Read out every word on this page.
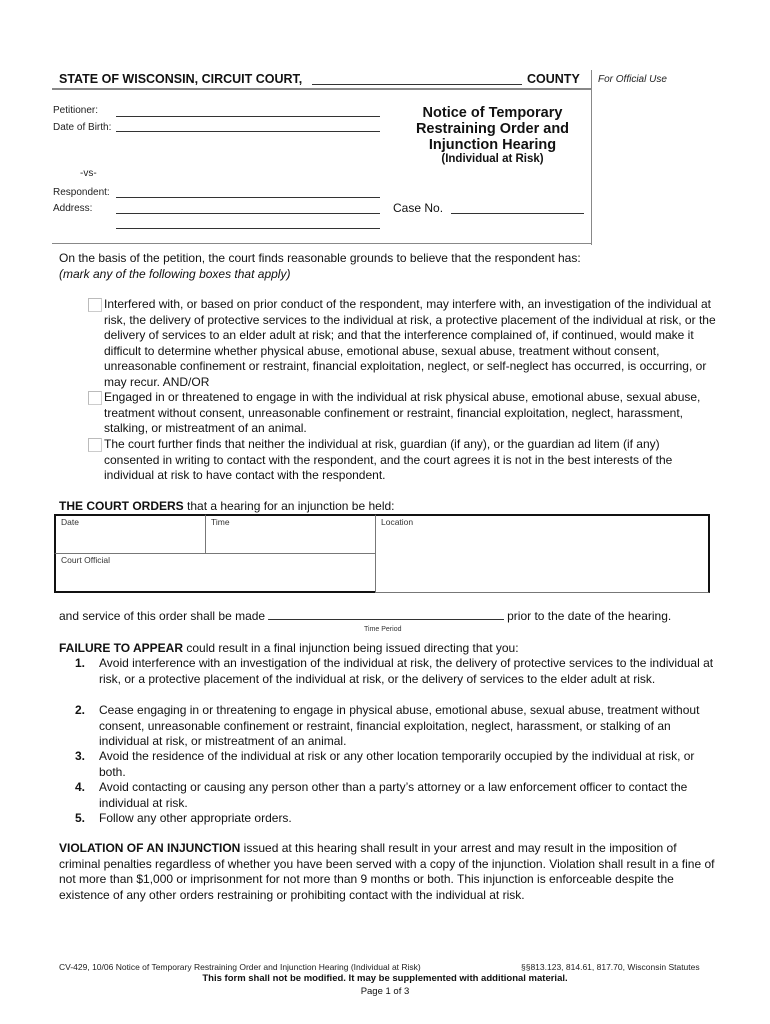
STATE OF WISCONSIN, CIRCUIT COURT,	COUNTY For Official Use
Petitioner:
Date of Birth:
-vs-
Respondent:
Address:
Notice of Temporary
Restraining Order and
Injunction Hearing
(Individual at Risk)
Case No.
On the basis of the petition, the court finds reasonable grounds to believe that the respondent has:
(mark any of the following boxes that apply)
Interfered with, or based on prior conduct of the respondent, may interfere with, an investigation of the individual at risk, the delivery of protective services to the individual at risk, a protective placement of the individual at risk, or the delivery of services to an elder adult at risk; and that the interference complained of, if continued, would make it difficult to determine whether physical abuse, emotional abuse, sexual abuse, treatment without consent, unreasonable confinement or restraint, financial exploitation, neglect, or self-neglect has occurred, is occurring, or may recur. AND/OR
Engaged in or threatened to engage in with the individual at risk physical abuse, emotional abuse, sexual abuse, treatment without consent, unreasonable confinement or restraint, financial exploitation, neglect, harassment, stalking, or mistreatment of an animal.
The court further finds that neither the individual at risk, guardian (if any), or the guardian ad litem (if any) consented in writing to contact with the respondent, and the court agrees it is not in the best interests of the individual at risk to have contact with the respondent.
THE COURT ORDERS that a hearing for an injunction be held:
Date	Time
Court Official
Location
and service of this order shall be made	prior to the date of the hearing.
Time Period
FAILURE TO APPEAR could result in a final injunction being issued directing that you:
1. Avoid interference with an investigation of the individual at risk, the delivery of protective services to the individual at risk, or a protective placement of the individual at risk, or the delivery of services to the elder adult at risk.
2. Cease engaging in or threatening to engage in physical abuse, emotional abuse, sexual abuse, treatment without consent, unreasonable confinement or restraint, financial exploitation, neglect, harassment, or stalking of an individual at risk, or mistreatment of an animal.
3. Avoid the residence of the individual at risk or any other location temporarily occupied by the individual at risk, or both.
4. Avoid contacting or causing any person other than a party’s attorney or a law enforcement officer to contact the individual at risk.
5. Follow any other appropriate orders.
VIOLATION OF AN INJUNCTION issued at this hearing shall result in your arrest and may result in the imposition of criminal penalties regardless of whether you have been served with a copy of the injunction. Violation shall result in a fine of not more than $1,000 or imprisonment for not more than 9 months or both. This injunction is enforceable despite the existence of any other orders restraining or prohibiting contact with the individual at risk.
CV-429, 10/06 Notice of Temporary Restraining Order and Injunction Hearing (Individual at Risk)	§§813.123, 814.61, 817.70, Wisconsin Statutes
This form shall not be modified. It may be supplemented with additional material.
Page 1 of 3
